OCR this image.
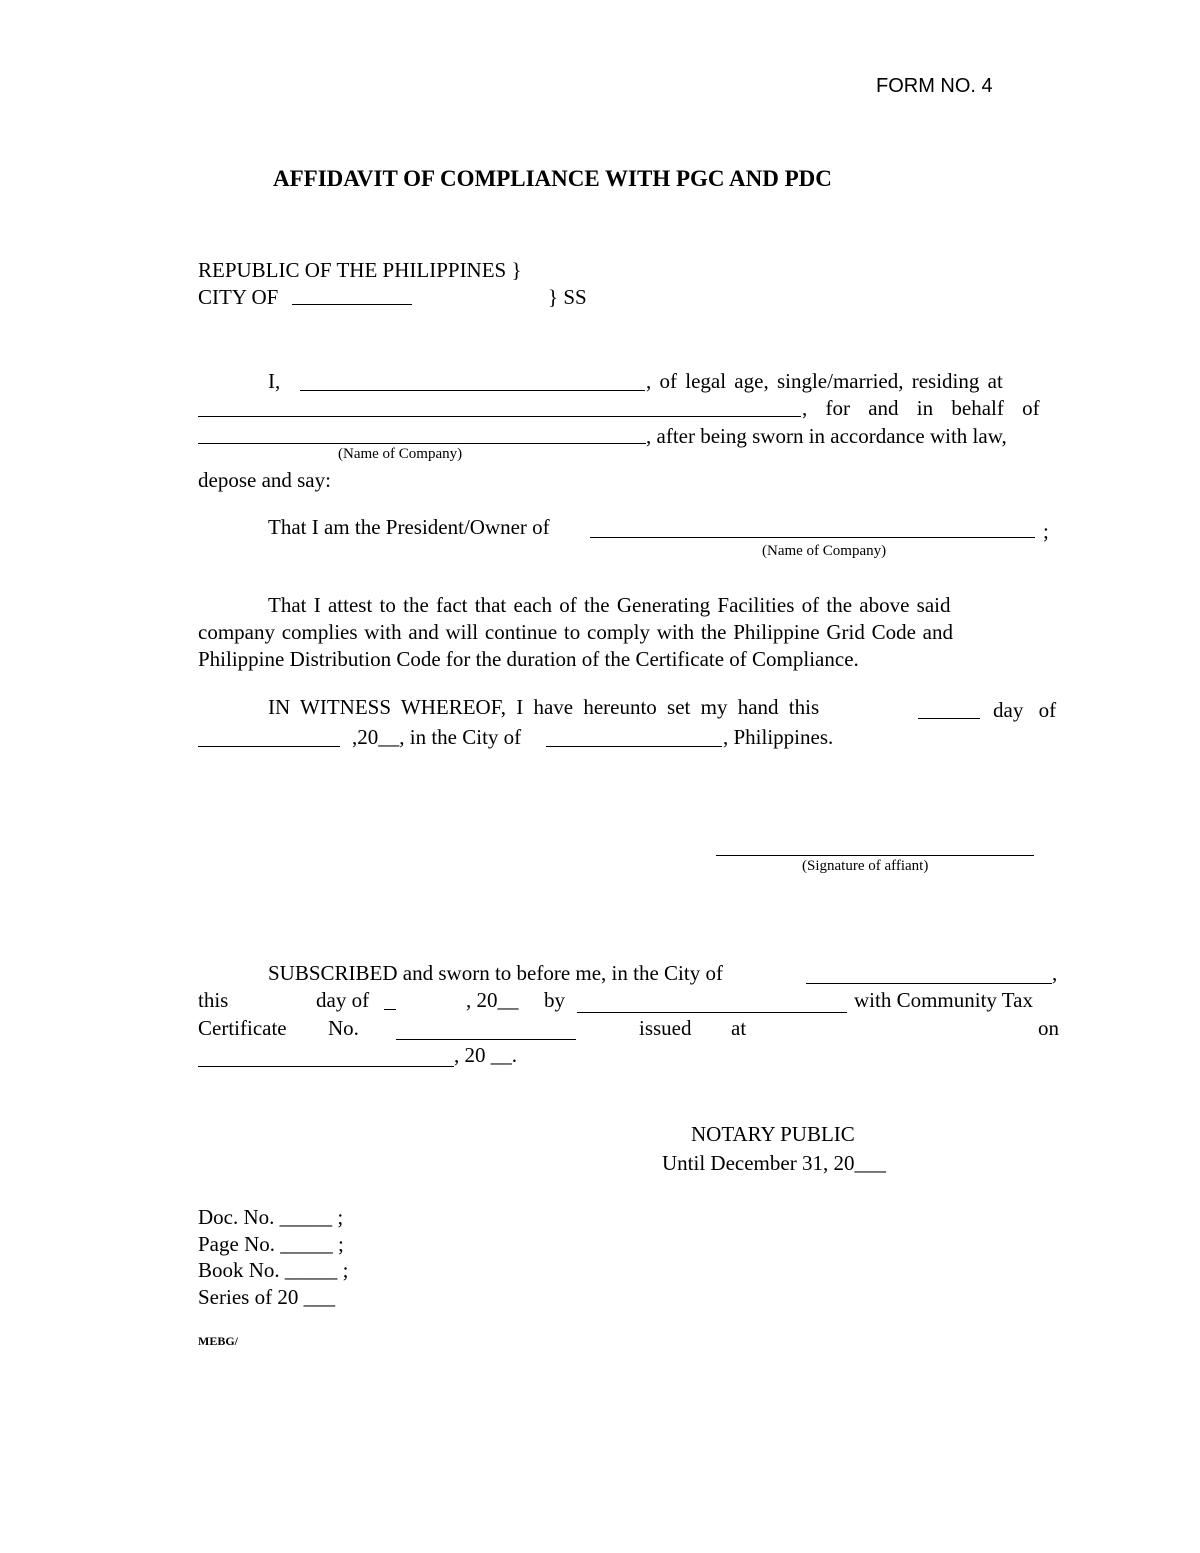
FORM NO. 4
AFFIDAVIT OF COMPLIANCE WITH PGC AND PDC
REPUBLIC OF THE PHILIPPINES }
CITY OF	} SS
I,	, of legal age, single/married, residing at
, for and in behalf of
, after being sworn in accordance with law,
(Name of Company)
depose and say:
That I am the President/Owner of	;
(Name of Company)
That I attest to the fact that each of the Generating Facilities of the above said
company complies with and will continue to comply with the Philippine Grid Code and
Philippine Distribution Code for the duration of the Certificate of Compliance.
IN WITNESS WHEREOF, I have hereunto set my hand this	day of
,20__, in the City of	, Philippines.
(Signature of affiant)
SUBSCRIBED and sworn to before me, in the City of	,
this	day of	, 20__ by	with Community Tax
Certificate No.	issued at	on
, 20 __.
NOTARY PUBLIC
Until December 31, 20___
Doc. No. _____ ;
Page No. _____ ;
Book No. _____ ;
Series of 20 ___
MEBG/
